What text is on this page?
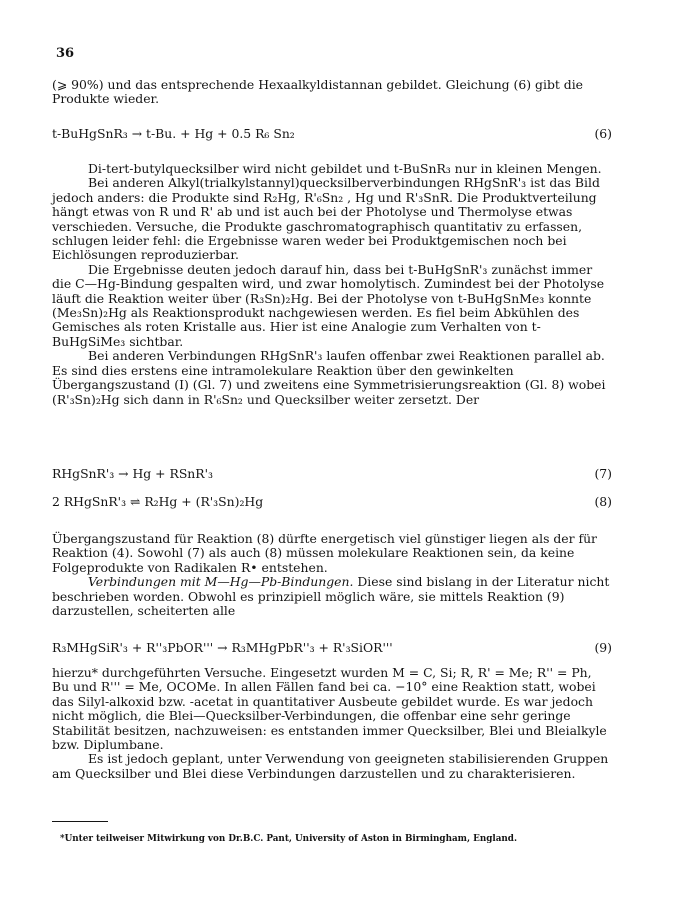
36

(⩾ 90%) und das entsprechende Hexaalkyldistannan gebildet. Gleichung (6) gibt die Produkte wieder.

t-BuHgSnR₃ → t-Bu. + Hg + 0.5 R₆ Sn₂	(6)

Di-tert-butylquecksilber wird nicht gebildet und t-BuSnR₃ nur in kleinen Mengen.

Bei anderen Alkyl(trialkylstannyl)quecksilberverbindungen RHgSnR'₃ ist das Bild jedoch anders: die Produkte sind R₂Hg, R'₆Sn₂ , Hg und R'₃SnR. Die Produktverteilung hängt etwas von R und R' ab und ist auch bei der Photolyse und Thermolyse etwas verschieden. Versuche, die Produkte gaschromatographisch quantitativ zu erfassen, schlugen leider fehl: die Ergebnisse waren weder bei Produktgemischen noch bei Eichlösungen reproduzierbar.

Die Ergebnisse deuten jedoch darauf hin, dass bei t-BuHgSnR'₃ zunächst immer die C—Hg-Bindung gespalten wird, und zwar homolytisch. Zumindest bei der Photolyse läuft die Reaktion weiter über (R₃Sn)₂Hg. Bei der Photolyse von t-BuHgSnMe₃ konnte (Me₃Sn)₂Hg als Reaktionsprodukt nachgewiesen werden. Es fiel beim Abkühlen des Gemisches als roten Kristalle aus. Hier ist eine Analogie zum Verhalten von t-BuHgSiMe₃ sichtbar.

Bei anderen Verbindungen RHgSnR'₃ laufen offenbar zwei Reaktionen parallel ab. Es sind dies erstens eine intramolekulare Reaktion über den gewinkelten Übergangszustand (I) (Gl. 7) und zweitens eine Symmetrisierungsreaktion (Gl. 8) wobei (R'₃Sn)₂Hg sich dann in R'₆Sn₂ und Quecksilber weiter zersetzt. Der

RHgSnR'₃ → Hg + RSnR'₃	(7)
2 RHgSnR'₃ ⇌ R₂Hg + (R'₃Sn)₂Hg	(8)

Übergangszustand für Reaktion (8) dürfte energetisch viel günstiger liegen als der für Reaktion (4). Sowohl (7) als auch (8) müssen molekulare Reaktionen sein, da keine Folgeprodukte von Radikalen R• entstehen.

Verbindungen mit M—Hg—Pb-Bindungen. Diese sind bislang in der Literatur nicht beschrieben worden. Obwohl es prinzipiell möglich wäre, sie mittels Reaktion (9) darzustellen, scheiterten alle

R₃MHgSiR'₃ + R''₃PbOR''' → R₃MHgPbR''₃ + R'₃SiOR'''	(9)

hierzu* durchgeführten Versuche. Eingesetzt wurden M = C, Si; R, R' = Me; R'' = Ph, Bu und R''' = Me, OCOMe. In allen Fällen fand bei ca. −10° eine Reaktion statt, wobei das Silyl-alkoxid bzw. -acetat in quantitativer Ausbeute gebildet wurde. Es war jedoch nicht möglich, die Blei—Quecksilber-Verbindungen, die offenbar eine sehr geringe Stabilität besitzen, nachzuweisen: es entstanden immer Quecksilber, Blei und Bleialkyle bzw. Diplumbane.

Es ist jedoch geplant, unter Verwendung von geeigneten stabilisierenden Gruppen am Quecksilber und Blei diese Verbindungen darzustellen und zu charakterisieren.

*Unter teilweiser Mitwirkung von Dr.B.C. Pant, University of Aston in Birmingham, England.
